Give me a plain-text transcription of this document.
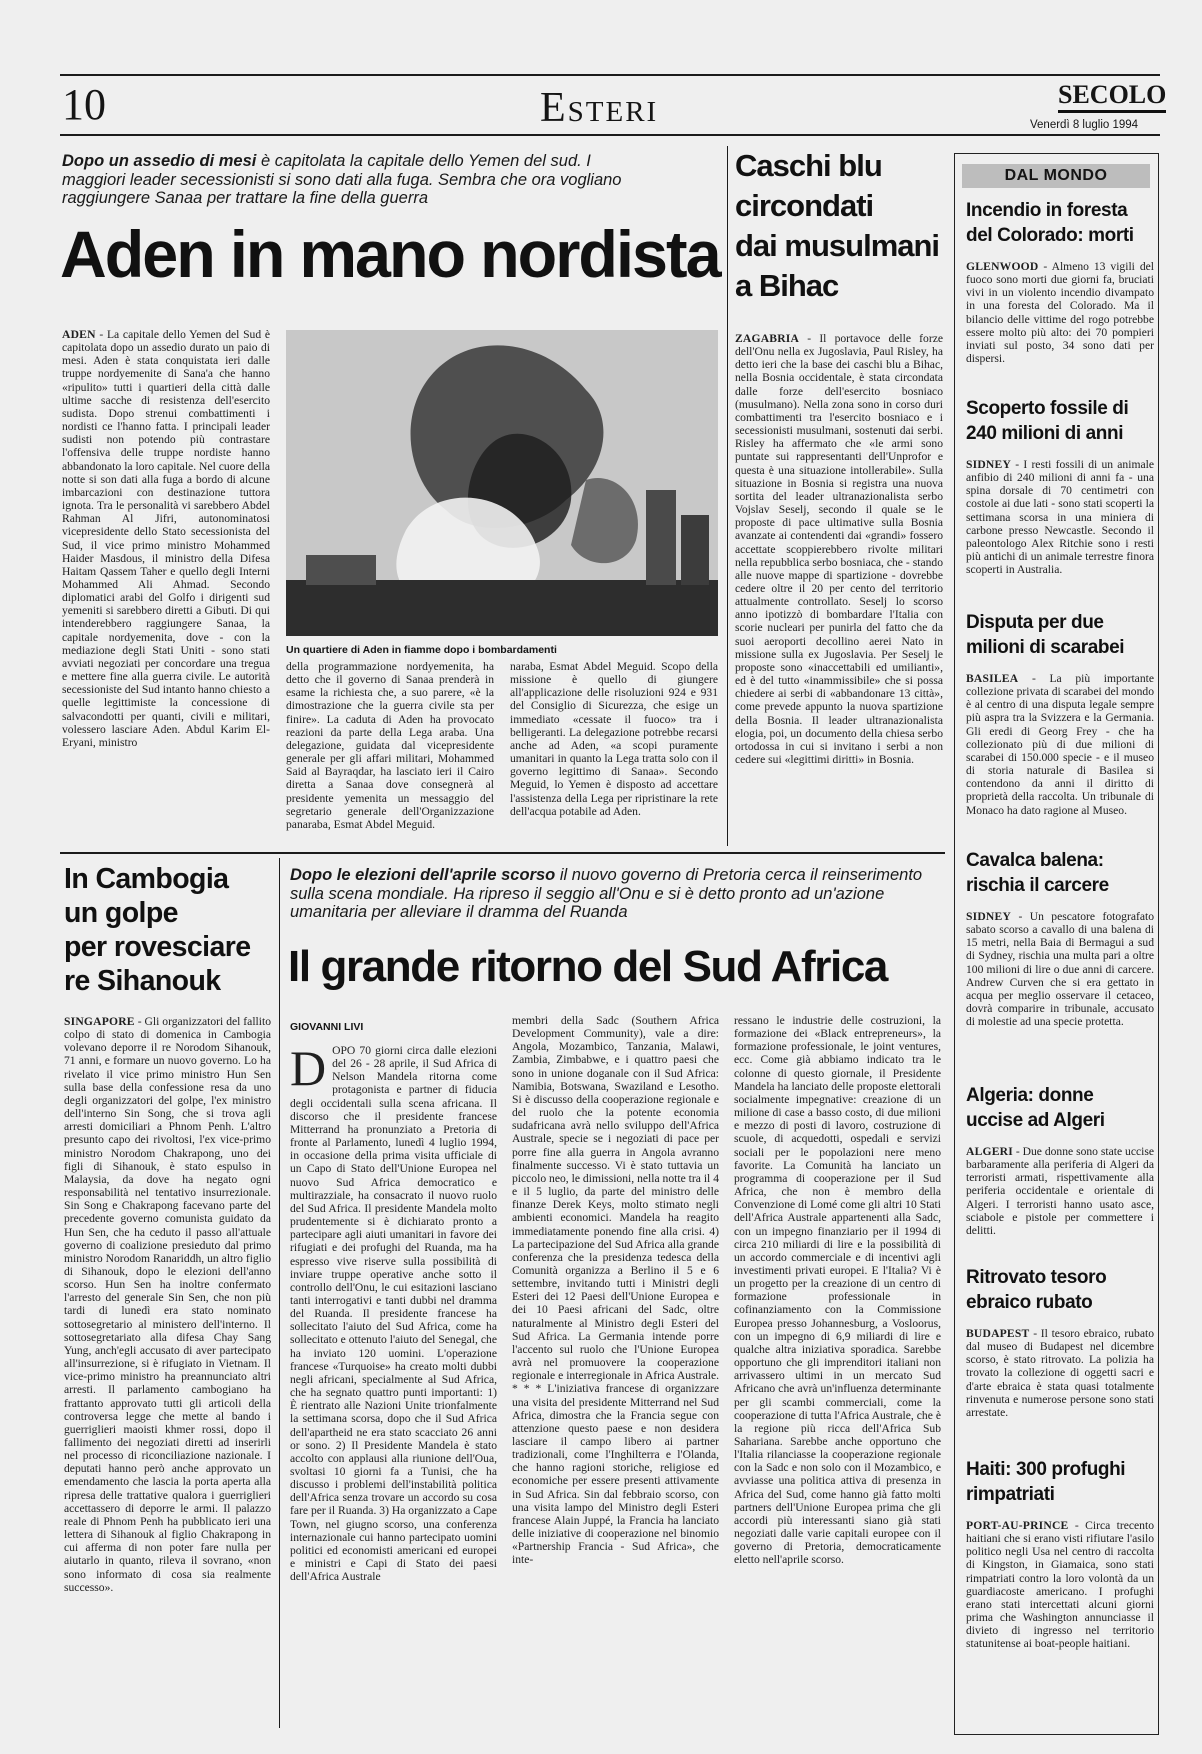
10	Esteri	SECOLO
Venerdì 8 luglio 1994
Dopo un assedio di mesi è capitolata la capitale dello Yemen del sud. I maggiori leader secessionisti si sono dati alla fuga. Sembra che ora vogliano raggiungere Sanaa per trattare la fine della guerra
Aden in mano nordista
ADEN - La capitale dello Yemen del Sud è capitolata dopo un assedio durato un paio di mesi. Aden è stata conquistata ieri dalle truppe nordyemenite di Sana'a che hanno «ripulito» tutti i quartieri della città dalle ultime sacche di resistenza dell'esercito sudista. Dopo strenui combattimenti i nordisti ce l'hanno fatta. I principali leader sudisti non potendo più contrastare l'offensiva delle truppe nordiste hanno abbandonato la loro capitale. Nel cuore della notte si son dati alla fuga a bordo di alcune imbarcazioni con destinazione tuttora ignota. Tra le personalità vi sarebbero Abdel Rahman Al Jifri, autonominatosi vicepresidente dello Stato secessionista del Sud, il vice primo ministro Mohammed Haider Masdous, il ministro della Difesa Haitam Qassem Taher e quello degli Interni Mohammed Ali Ahmad. Secondo diplomatici arabi del Golfo i dirigenti sud yemeniti si sarebbero diretti a Gibuti. Di qui intenderebbero raggiungere Sanaa, la capitale nordyemenita, dove - con la mediazione degli Stati Uniti - sono stati avviati negoziati per concordare una tregua e mettere fine alla guerra civile. Le autorità secessioniste del Sud intanto hanno chiesto a quelle legittimiste la concessione di salvacondotti per quanti, civili e militari, volessero lasciare Aden. Abdul Karim El-Eryani, ministro
Un quartiere di Aden in fiamme dopo i bombardamenti
della programmazione nordyemenita, ha detto che il governo di Sanaa prenderà in esame la richiesta che, a suo parere, «è la dimostrazione che la guerra civile sta per finire». La caduta di Aden ha provocato reazioni da parte della Lega araba. Una delegazione, guidata dal vicepresidente generale per gli affari militari, Mohammed Said al Bayraqdar, ha lasciato ieri il Cairo diretta a Sanaa dove consegnerà al presidente yemenita un messaggio del segretario generale dell'Organizzazione panaraba, Esmat Abdel Meguid.
naraba, Esmat Abdel Meguid. Scopo della missione è quello di giungere all'applicazione delle risoluzioni 924 e 931 del Consiglio di Sicurezza, che esige un immediato «cessate il fuoco» tra i belligeranti. La delegazione potrebbe recarsi anche ad Aden, «a scopi puramente umanitari in quanto la Lega tratta solo con il governo legittimo di Sanaa». Secondo Meguid, lo Yemen è disposto ad accettare l'assistenza della Lega per ripristinare la rete dell'acqua potabile ad Aden.
Caschi blu
circondati
dai musulmani
a Bihac
ZAGABRIA - Il portavoce delle forze dell'Onu nella ex Jugoslavia, Paul Risley, ha detto ieri che la base dei caschi blu a Bihac, nella Bosnia occidentale, è stata circondata dalle forze dell'esercito bosniaco (musulmano). Nella zona sono in corso duri combattimenti tra l'esercito bosniaco e i secessionisti musulmani, sostenuti dai serbi. Risley ha affermato che «le armi sono puntate sui rappresentanti dell'Unprofor e questa è una situazione intollerabile». Sulla situazione in Bosnia si registra una nuova sortita del leader ultranazionalista serbo Vojslav Seselj, secondo il quale se le proposte di pace ultimative sulla Bosnia avanzate ai contendenti dai «grandi» fossero accettate scoppierebbero rivolte militari nella repubblica serbo bosniaca, che - stando alle nuove mappe di spartizione - dovrebbe cedere oltre il 20 per cento del territorio attualmente controllato. Seselj lo scorso anno ipotizzò di bombardare l'Italia con scorie nucleari per punirla del fatto che da suoi aeroporti decollino aerei Nato in missione sulla ex Jugoslavia. Per Seselj le proposte sono «inaccettabili ed umilianti», ed è del tutto «inammissibile» che si possa chiedere ai serbi di «abbandonare 13 città», come prevede appunto la nuova spartizione della Bosnia. Il leader ultranazionalista elogia, poi, un documento della chiesa serbo ortodossa in cui si invitano i serbi a non cedere sui «legittimi diritti» in Bosnia.
DAL MONDO
Incendio in foresta
del Colorado: morti
GLENWOOD - Almeno 13 vigili del fuoco sono morti due giorni fa, bruciati vivi in un violento incendio divampato in una foresta del Colorado. Ma il bilancio delle vittime del rogo potrebbe essere molto più alto: dei 70 pompieri inviati sul posto, 34 sono dati per dispersi.
Scoperto fossile di
240 milioni di anni
SIDNEY - I resti fossili di un animale anfibio di 240 milioni di anni fa - una spina dorsale di 70 centimetri con costole ai due lati - sono stati scoperti la settimana scorsa in una miniera di carbone presso Newcastle. Secondo il paleontologo Alex Ritchie sono i resti più antichi di un animale terrestre finora scoperti in Australia.
Disputa per due
milioni di scarabei
BASILEA - La più importante collezione privata di scarabei del mondo è al centro di una disputa legale sempre più aspra tra la Svizzera e la Germania. Gli eredi di Georg Frey - che ha collezionato più di due milioni di scarabei di 150.000 specie - e il museo di storia naturale di Basilea si contendono da anni il diritto di proprietà della raccolta. Un tribunale di Monaco ha dato ragione al Museo.
Cavalca balena:
rischia il carcere
SIDNEY - Un pescatore fotografato sabato scorso a cavallo di una balena di 15 metri, nella Baia di Bermagui a sud di Sydney, rischia una multa pari a oltre 100 milioni di lire o due anni di carcere. Andrew Curven che si era gettato in acqua per meglio osservare il cetaceo, dovrà comparire in tribunale, accusato di molestie ad una specie protetta.
Algeria: donne
uccise ad Algeri
ALGERI - Due donne sono state uccise barbaramente alla periferia di Algeri da terroristi armati, rispettivamente alla periferia occidentale e orientale di Algeri. I terroristi hanno usato asce, sciabole e pistole per commettere i delitti.
Ritrovato tesoro
ebraico rubato
BUDAPEST - Il tesoro ebraico, rubato dal museo di Budapest nel dicembre scorso, è stato ritrovato. La polizia ha trovato la collezione di oggetti sacri e d'arte ebraica è stata quasi totalmente rinvenuta e numerose persone sono stati arrestate.
Haiti: 300 profughi
rimpatriati
PORT-AU-PRINCE - Circa trecento haitiani che si erano visti rifiutare l'asilo politico negli Usa nel centro di raccolta di Kingston, in Giamaica, sono stati rimpatriati contro la loro volontà da un guardiacoste americano. I profughi erano stati intercettati alcuni giorni prima che Washington annunciasse il divieto di ingresso nel territorio statunitense ai boat-people haitiani.
In Cambogia
un golpe
per rovesciare
re Sihanouk
SINGAPORE - Gli organizzatori del fallito colpo di stato di domenica in Cambogia volevano deporre il re Norodom Sihanouk, 71 anni, e formare un nuovo governo. Lo ha rivelato il vice primo ministro Hun Sen sulla base della confessione resa da uno degli organizzatori del golpe, l'ex ministro dell'interno Sin Song, che si trova agli arresti domiciliari a Phnom Penh. L'altro presunto capo dei rivoltosi, l'ex vice-primo ministro Norodom Chakrapong, uno dei figli di Sihanouk, è stato espulso in Malaysia, da dove ha negato ogni responsabilità nel tentativo insurrezionale. Sin Song e Chakrapong facevano parte del precedente governo comunista guidato da Hun Sen, che ha ceduto il passo all'attuale governo di coalizione presieduto dal primo ministro Norodom Ranariddh, un altro figlio di Sihanouk, dopo le elezioni dell'anno scorso. Hun Sen ha inoltre confermato l'arresto del generale Sin Sen, che non più tardi di lunedì era stato nominato sottosegretario al ministero dell'interno. Il sottosegretariato alla difesa Chay Sang Yung, anch'egli accusato di aver partecipato all'insurrezione, si è rifugiato in Vietnam. Il vice-primo ministro ha preannunciato altri arresti. Il parlamento cambogiano ha frattanto approvato tutti gli articoli della controversa legge che mette al bando i guerriglieri maoisti khmer rossi, dopo il fallimento dei negoziati diretti ad inserirli nel processo di riconciliazione nazionale. I deputati hanno però anche approvato un emendamento che lascia la porta aperta alla ripresa delle trattative qualora i guerriglieri accettassero di deporre le armi. Il palazzo reale di Phnom Penh ha pubblicato ieri una lettera di Sihanouk al figlio Chakrapong in cui afferma di non poter fare nulla per aiutarlo in quanto, rileva il sovrano, «non sono informato di cosa sia realmente successo».
Dopo le elezioni dell'aprile scorso il nuovo governo di Pretoria cerca il reinserimento sulla scena mondiale. Ha ripreso il seggio all'Onu e si è detto pronto ad un'azione umanitaria per alleviare il dramma del Ruanda
Il grande ritorno del Sud Africa
GIOVANNI LIVI
DOPO 70 giorni circa dalle elezioni del 26 - 28 aprile, il Sud Africa di Nelson Mandela ritorna come protagonista e partner di fiducia degli occidentali sulla scena africana. Il discorso che il presidente francese Mitterrand ha pronunziato a Pretoria di fronte al Parlamento, lunedì 4 luglio 1994, in occasione della prima visita ufficiale di un Capo di Stato dell'Unione Europea nel nuovo Sud Africa democratico e multirazziale, ha consacrato il nuovo ruolo del Sud Africa. Il presidente Mandela molto prudentemente si è dichiarato pronto a partecipare agli aiuti umanitari in favore dei rifugiati e dei profughi del Ruanda, ma ha espresso vive riserve sulla possibilità di inviare truppe operative anche sotto il controllo dell'Onu, le cui esitazioni lasciano tanti interrogativi e tanti dubbi nel dramma del Ruanda. Il presidente francese ha sollecitato l'aiuto del Sud Africa, come ha sollecitato e ottenuto l'aiuto del Senegal, che ha inviato 120 uomini. L'operazione francese «Turquoise» ha creato molti dubbi negli africani, specialmente al Sud Africa, che ha segnato quattro punti importanti: 1) È rientrato alle Nazioni Unite trionfalmente la settimana scorsa, dopo che il Sud Africa dell'apartheid ne era stato scacciato 26 anni or sono. 2) Il Presidente Mandela è stato accolto con applausi alla riunione dell'Oua, svoltasi 10 giorni fa a Tunisi, che ha discusso i problemi dell'instabilità politica dell'Africa senza trovare un accordo su cosa fare per il Ruanda. 3) Ha organizzato a Cape Town, nel giugno scorso, una conferenza internazionale cui hanno partecipato uomini politici ed economisti americani ed europei e ministri e Capi di Stato dei paesi dell'Africa Australe
membri della Sadc (Southern Africa Development Community), vale a dire: Angola, Mozambico, Tanzania, Malawi, Zambia, Zimbabwe, e i quattro paesi che sono in unione doganale con il Sud Africa: Namibia, Botswana, Swaziland e Lesotho. Si è discusso della cooperazione regionale e del ruolo che la potente economia sudafricana avrà nello sviluppo dell'Africa Australe, specie se i negoziati di pace per porre fine alla guerra in Angola avranno finalmente successo. Vi è stato tuttavia un piccolo neo, le dimissioni, nella notte tra il 4 e il 5 luglio, da parte del ministro delle finanze Derek Keys, molto stimato negli ambienti economici. Mandela ha reagito immediatamente ponendo fine alla crisi. 4) La partecipazione del Sud Africa alla grande conferenza che la presidenza tedesca della Comunità organizza a Berlino il 5 e 6 settembre, invitando tutti i Ministri degli Esteri dei 12 Paesi dell'Unione Europea e dei 10 Paesi africani del Sadc, oltre naturalmente al Ministro degli Esteri del Sud Africa. La Germania intende porre l'accento sul ruolo che l'Unione Europea avrà nel promuovere la cooperazione regionale e interregionale in Africa Australe. * * * L'iniziativa francese di organizzare una visita del presidente Mitterrand nel Sud Africa, dimostra che la Francia segue con attenzione questo paese e non desidera lasciare il campo libero ai partner tradizionali, come l'Inghilterra e l'Olanda, che hanno ragioni storiche, religiose ed economiche per essere presenti attivamente in Sud Africa. Sin dal febbraio scorso, con una visita lampo del Ministro degli Esteri francese Alain Juppé, la Francia ha lanciato delle iniziative di cooperazione nel binomio «Partnership Francia - Sud Africa», che inte-
ressano le industrie delle costruzioni, la formazione dei «Black entrepreneurs», la formazione professionale, le joint ventures, ecc. Come già abbiamo indicato tra le colonne di questo giornale, il Presidente Mandela ha lanciato delle proposte elettorali socialmente impegnative: creazione di un milione di case a basso costo, di due milioni e mezzo di posti di lavoro, costruzione di scuole, di acquedotti, ospedali e servizi sociali per le popolazioni nere meno favorite. La Comunità ha lanciato un programma di cooperazione per il Sud Africa, che non è membro della Convenzione di Lomé come gli altri 10 Stati dell'Africa Australe appartenenti alla Sadc, con un impegno finanziario per il 1994 di circa 210 miliardi di lire e la possibilità di un accordo commerciale e di incentivi agli investimenti privati europei. E l'Italia? Vi è un progetto per la creazione di un centro di formazione professionale in cofinanziamento con la Commissione Europea presso Johannesburg, a Vosloorus, con un impegno di 6,9 miliardi di lire e qualche altra iniziativa sporadica. Sarebbe opportuno che gli imprenditori italiani non arrivassero ultimi in un mercato Sud Africano che avrà un'influenza determinante per gli scambi commerciali, come la cooperazione di tutta l'Africa Australe, che è la regione più ricca dell'Africa Sub Sahariana. Sarebbe anche opportuno che l'Italia rilanciasse la cooperazione regionale con la Sadc e non solo con il Mozambico, e avviasse una politica attiva di presenza in Africa del Sud, come hanno già fatto molti partners dell'Unione Europea prima che gli accordi più interessanti siano già stati negoziati dalle varie capitali europee con il governo di Pretoria, democraticamente eletto nell'aprile scorso.
